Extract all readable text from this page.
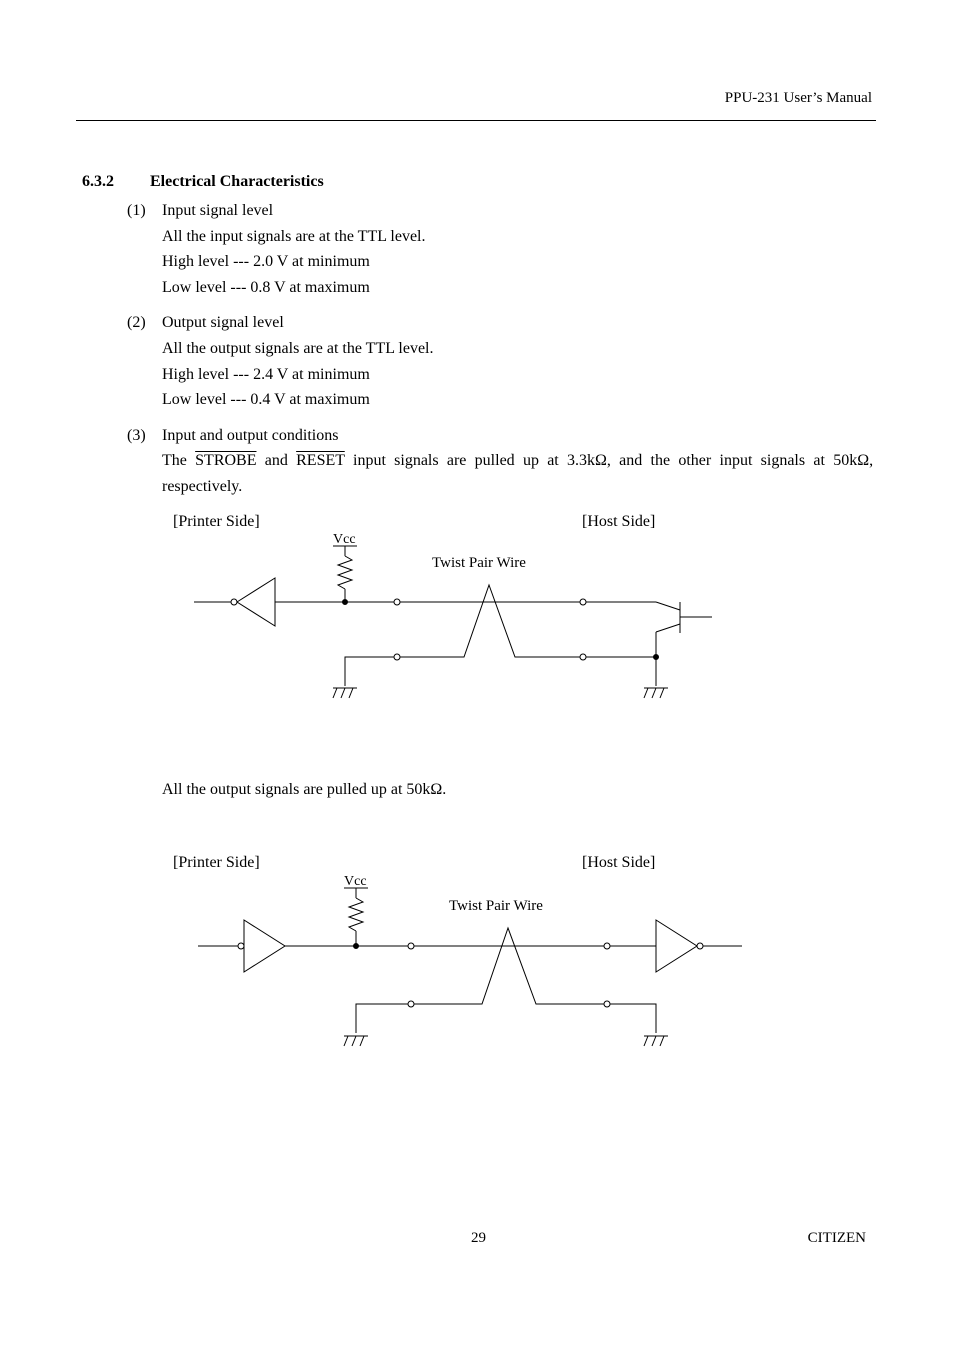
PPU-231 User’s Manual
6.3.2 Electrical Characteristics
(1) Input signal level
All the input signals are at the TTL level.
High level --- 2.0 V at minimum
Low level --- 0.8 V at maximum
(2) Output signal level
All the output signals are at the TTL level.
High level --- 2.4 V at minimum
Low level --- 0.4 V at maximum
(3) Input and output conditions
The STROBE and RESET input signals are pulled up at 3.3kΩ, and the other input signals at 50kΩ,
respectively.
[Printer Side]	[Host Side]
All the output signals are pulled up at 50kΩ.
[Printer Side]	[Host Side]
Vcc
Twist Pair Wire
Vcc
Twist Pair Wire
29	CITIZEN
